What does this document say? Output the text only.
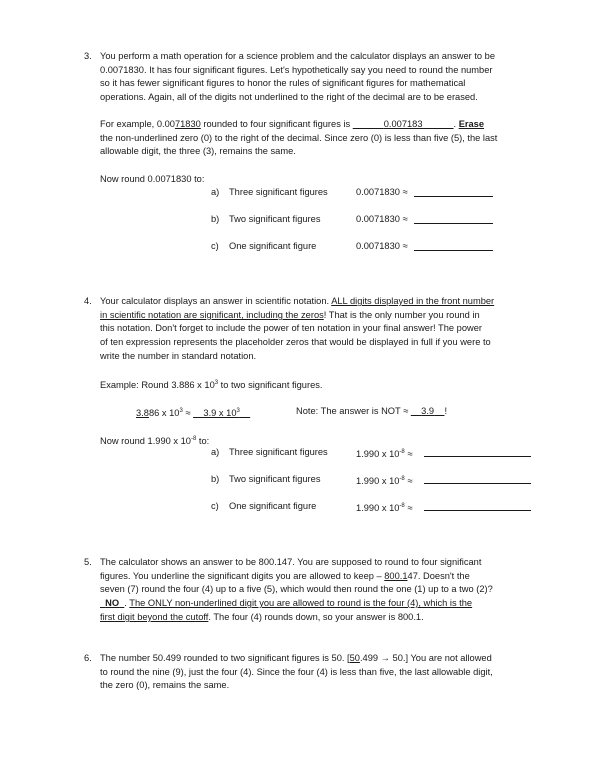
3. You perform a math operation for a science problem and the calculator displays an answer to be
0.0071830. It has four significant figures. Let's hypothetically say you need to round the number
so it has fewer significant figures to honor the rules of significant figures for mathematical
operations. Again, all of the digits not underlined to the right of the decimal are to be erased.
For example, 0.0071830 rounded to four significant figures is	0.007183	. Erase
the non-underlined zero (0) to the right of the decimal. Since zero (0) is less than five (5), the last
allowable digit, the three (3), remains the same.
Now round 0.0071830 to:
a) Three significant figures	0.0071830 ≈
b) Two significant figures	0.0071830 ≈
c) One significant figure	0.0071830 ≈
4. Your calculator displays an answer in scientific notation. ALL digits displayed in the front number
in scientific notation are significant, including the zeros! That is the only number you round in
this notation. Don't forget to include the power of ten notation in your final answer! The power
of ten expression represents the placeholder zeros that would be displayed in full if you were to
write the number in standard notation.
Example: Round 3.886 x $10^3$ to two significant figures.
3.886 x $10^3$ ≈     3.9 x $10^3$	Note: The answer is NOT ≈     3.9 !
Now round 1.990 x $10^{-8}$ to:
a) Three significant figures	1.990 x $10^{-8}$ ≈
b) Two significant figures	1.990 x $10^{-8}$ ≈
c) One significant figure	1.990 x $10^{-8}$ ≈
5. The calculator shows an answer to be 800.147. You are supposed to round to four significant
figures. You underline the significant digits you are allowed to keep – 800.147. Doesn't the
seven (7) round the four (4) up to a five (5), which would then round the one (1) up to a two (2)?
NO . The ONLY non-underlined digit you are allowed to round is the four (4), which is the
first digit beyond the cutoff. The four (4) rounds down, so your answer is 800.1.
6. The number 50.499 rounded to two significant figures is 50. [50.499 → 50.] You are not allowed
to round the nine (9), just the four (4). Since the four (4) is less than five, the last allowable digit,
the zero (0), remains the same.
